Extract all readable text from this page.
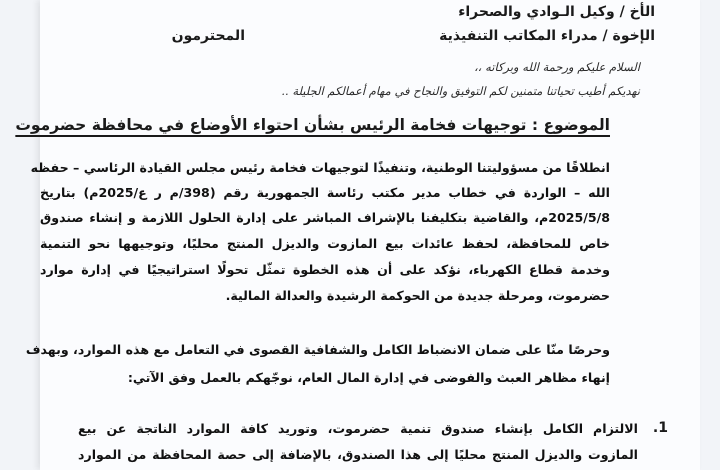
الأخ / وكيل الـوادي والصحراء
الإخوة / مدراء المكاتب التنفيذية
المحترمون
السلام عليكم ورحمة الله وبركاته ،،
نهديكم أطيب تحياتنا متمنين لكم التوفيق والنجاح في مهام أعمالكم الجليلة ..
الموضوع : توجيهات فخامة الرئيس بشأن احتواء الأوضاع في محافظة حضرموت
انطلاقًا من مسؤوليتنا الوطنية، وتنفيذًا لتوجيهات فخامة رئيس مجلس القيادة الرئاسي – حفظه
الله – الواردة في خطاب مدير مكتب رئاسة الجمهورية رقم (398/م ر ع/2025م) بتاريخ
2025/5/8م، والقاضية بتكليفنا بالإشراف المباشر على إدارة الحلول اللازمة و إنشاء صندوق
خاص للمحافظة، لحفظ عائدات بيع المازوت والديزل المنتج محليًا، وتوجيهها نحو التنمية
وخدمة قطاع الكهرباء، نؤكد على أن هذه الخطوة تمثّل تحولًا استراتيجيًا في إدارة موارد
حضرموت، ومرحلة جديدة من الحوكمة الرشيدة والعدالة المالية.
وحرصًا منّا على ضمان الانضباط الكامل والشفافية القصوى في التعامل مع هذه الموارد، وبهدف
إنهاء مظاهر العبث والفوضى في إدارة المال العام، نوجّهكم بالعمل وفق الآتي:
1.
الالتزام الكامل بإنشاء صندوق تنمية حضرموت، وتوريد كافة الموارد الناتجة عن بيع
المازوت والديزل المنتج محليًا إلى هذا الصندوق، بالإضافة إلى حصة المحافظة من الموارد
